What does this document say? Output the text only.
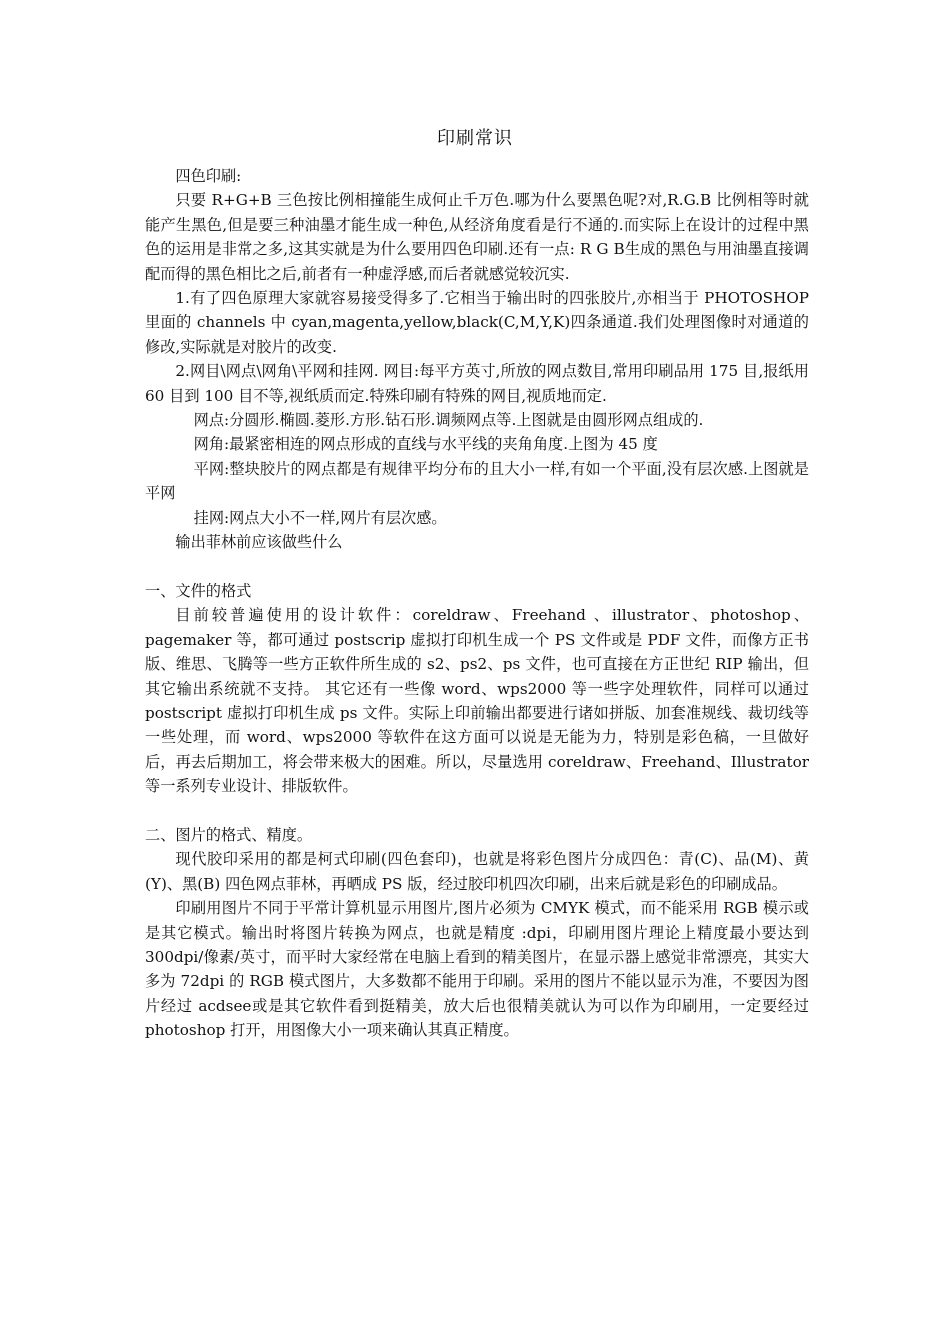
印刷常识

四色印刷:

只要 R+G+B 三色按比例相撞能生成何止千万色.哪为什么要黑色呢?对,R.G.B 比例相等时就能产生黑色,但是要三种油墨才能生成一种色,从经济角度看是行不通的.而实际上在设计的过程中黑色的运用是非常之多,这其实就是为什么要用四色印刷.还有一点: R G B生成的黑色与用油墨直接调配而得的黑色相比之后,前者有一种虚浮感,而后者就感觉较沉实.

1.有了四色原理大家就容易接受得多了.它相当于输出时的四张胶片,亦相当于 PHOTOSHOP 里面的 channels 中 cyan,magenta,yellow,black(C,M,Y,K)四条通道.我们处理图像时对通道的修改,实际就是对胶片的改变.

2.网目\网点\网角\平网和挂网. 网目:每平方英寸,所放的网点数目,常用印刷品用 175 目,报纸用 60 目到 100 目不等,视纸质而定.特殊印刷有特殊的网目,视质地而定.

网点:分圆形.椭圆.菱形.方形.钻石形.调频网点等.上图就是由圆形网点组成的.

网角:最紧密相连的网点形成的直线与水平线的夹角角度.上图为 45 度

平网:整块胶片的网点都是有规律平均分布的且大小一样,有如一个平面,没有层次感.上图就是平网

挂网:网点大小不一样,网片有层次感。

输出菲林前应该做些什么

一、文件的格式

目前较普遍使用的设计软件：coreldraw、Freehand 、illustrator、photoshop、pagemaker 等，都可通过 postscrip 虚拟打印机生成一个 PS 文件或是 PDF 文件，而像方正书版、维思、飞腾等一些方正软件所生成的 s2、ps2、ps 文件，也可直接在方正世纪 RIP 输出，但其它输出系统就不支持。 其它还有一些像 word、wps2000 等一些字处理软件，同样可以通过 postscript 虚拟打印机生成 ps 文件。实际上印前输出都要进行诸如拼版、加套准规线、裁切线等一些处理，而 word、wps2000 等软件在这方面可以说是无能为力，特别是彩色稿，一旦做好后，再去后期加工，将会带来极大的困难。所以，尽量选用 coreldraw、Freehand、Illustrator 等一系列专业设计、排版软件。

二、图片的格式、精度。

现代胶印采用的都是柯式印刷(四色套印)，也就是将彩色图片分成四色：青(C)、品(M)、黄(Y)、黑(B) 四色网点菲林，再晒成 PS 版，经过胶印机四次印刷，出来后就是彩色的印刷成品。

印刷用图片不同于平常计算机显示用图片,图片必须为 CMYK 模式，而不能采用 RGB 模示或是其它模式。输出时将图片转换为网点，也就是精度 :dpi，印刷用图片理论上精度最小要达到 300dpi/像素/英寸，而平时大家经常在电脑上看到的精美图片，在显示器上感觉非常漂亮，其实大多为 72dpi 的 RGB 模式图片，大多数都不能用于印刷。采用的图片不能以显示为准，不要因为图片经过 acdsee或是其它软件看到挺精美，放大后也很精美就认为可以作为印刷用，一定要经过 photoshop 打开，用图像大小一项来确认其真正精度。
